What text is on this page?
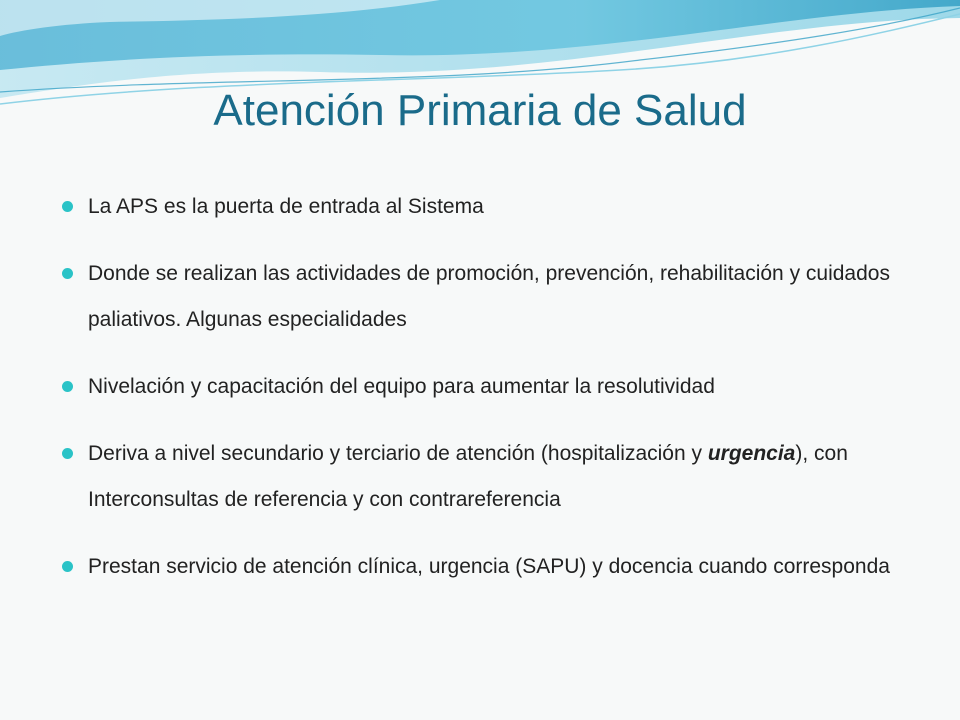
Atención Primaria de Salud
La APS es la puerta de entrada al Sistema
Donde se realizan las actividades de promoción, prevención, rehabilitación y cuidados paliativos. Algunas especialidades
Nivelación y capacitación del equipo para aumentar la resolutividad
Deriva a nivel secundario y terciario de atención (hospitalización y urgencia), con Interconsultas de referencia y con contrareferencia
Prestan servicio de atención clínica, urgencia (SAPU) y docencia cuando corresponda
